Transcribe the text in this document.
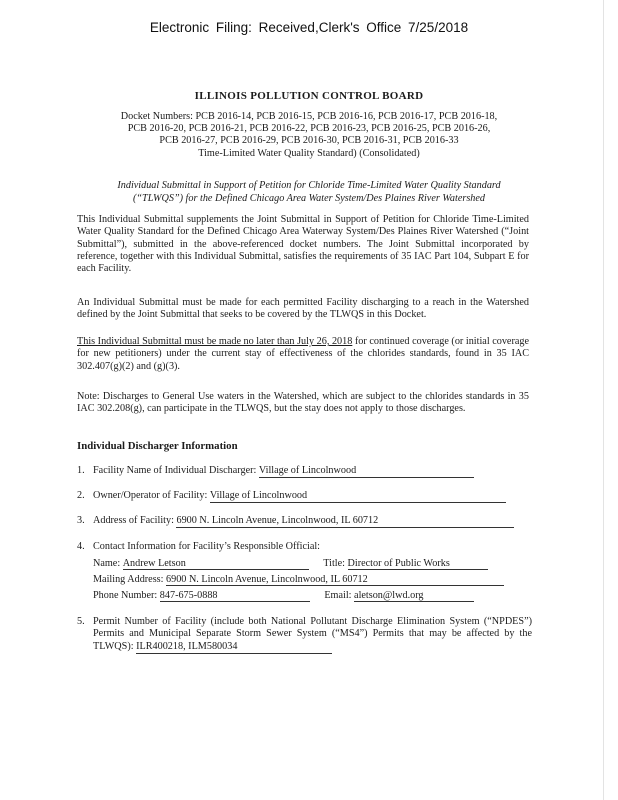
Electronic Filing: Received,Clerk's Office 7/25/2018
ILLINOIS POLLUTION CONTROL BOARD
Docket Numbers: PCB 2016-14, PCB 2016-15, PCB 2016-16, PCB 2016-17, PCB 2016-18,
PCB 2016-20, PCB 2016-21, PCB 2016-22, PCB 2016-23, PCB 2016-25, PCB 2016-26,
PCB 2016-27, PCB 2016-29, PCB 2016-30, PCB 2016-31, PCB 2016-33
Time-Limited Water Quality Standard) (Consolidated)
Individual Submittal in Support of Petition for Chloride Time-Limited Water Quality Standard
(“TLWQS”) for the Defined Chicago Area Water System/Des Plaines River Watershed
This Individual Submittal supplements the Joint Submittal in Support of Petition for Chloride Time-Limited Water Quality Standard for the Defined Chicago Area Waterway System/Des Plaines River Watershed (“Joint Submittal”), submitted in the above-referenced docket numbers. The Joint Submittal incorporated by reference, together with this Individual Submittal, satisfies the requirements of 35 IAC Part 104, Subpart E for each Facility.
An Individual Submittal must be made for each permitted Facility discharging to a reach in the Watershed defined by the Joint Submittal that seeks to be covered by the TLWQS in this Docket.
This Individual Submittal must be made no later than July 26, 2018 for continued coverage (or initial coverage for new petitioners) under the current stay of effectiveness of the chlorides standards, found in 35 IAC 302.407(g)(2) and (g)(3).
Note: Discharges to General Use waters in the Watershed, which are subject to the chlorides standards in 35 IAC 302.208(g), can participate in the TLWQS, but the stay does not apply to those discharges.
Individual Discharger Information
1. Facility Name of Individual Discharger: Village of Lincolnwood
2. Owner/Operator of Facility: Village of Lincolnwood
3. Address of Facility: 6900 N. Lincoln Avenue, Lincolnwood, IL 60712
4. Contact Information for Facility’s Responsible Official:
Name: Andrew Letson	Title: Director of Public Works
Mailing Address: 6900 N. Lincoln Avenue, Lincolnwood, IL 60712
Phone Number: 847-675-0888	Email: aletson@lwd.org
5. Permit Number of Facility (include both National Pollutant Discharge Elimination System (“NPDES”) Permits and Municipal Separate Storm Sewer System (“MS4”) Permits that may be affected by the TLWQS): ILR400218, ILM580034
